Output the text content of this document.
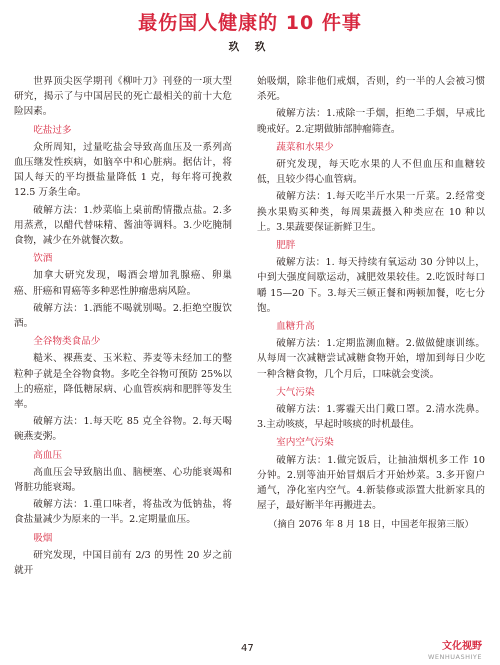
最伤国人健康的 10 件事
玖 玖

世界顶尖医学期刊《柳叶刀》刊登的一项大型研究，揭示了与中国居民的死亡最相关的前十大危险因素。

吃盐过多

众所周知，过量吃盐会导致高血压及一系列高血压继发性疾病，如脑卒中和心脏病。据估计，将国人每天的平均摄盐量降低 1 克，每年将可挽救 12.5 万条生命。

破解方法：1.炒菜临上桌前酌情撒点盐。2.多用蒸煮，以醋代替味精、酱油等调料。3.少吃腌制食物，减少在外就餐次数。

饮酒

加拿大研究发现，喝酒会增加乳腺癌、卵巢癌、肝癌和胃癌等多种恶性肿瘤患病风险。

破解方法：1.酒能不喝就别喝。2.拒绝空腹饮酒。

全谷物类食品少

糙米、裸燕麦、玉米粒、荞麦等未经加工的整粒种子就是全谷物食物。多吃全谷物可预防 25%以上的癌症，降低糖尿病、心血管疾病和肥胖等发生率。

破解方法：1.每天吃 85 克全谷物。2.每天喝碗燕麦粥。

高血压

高血压会导致脑出血、脑梗塞、心功能衰竭和肾脏功能衰竭。

破解方法：1.重口味者，将盐改为低钠盐，将食盐量减少为原来的一半。2.定期量血压。

吸烟

研究发现，中国目前有 2/3 的男性 20 岁之前就开

始吸烟，除非他们戒烟，否则，约一半的人会被习惯杀死。

破解方法：1.戒除一手烟，拒绝二手烟，早戒比晚戒好。2.定期做肺部肿瘤筛查。

蔬菜和水果少

研究发现，每天吃水果的人不但血压和血糖较低，且较少得心血管病。

破解方法：1.每天吃半斤水果一斤菜。2.经常变换水果购买种类，每周果蔬摄入种类应在 10 种以上。3.果蔬要保证新鲜卫生。

肥胖

破解方法：1. 每天持续有氧运动 30 分钟以上，中到大强度间歇运动，减肥效果较佳。2.吃饭时每口嚼 15—20 下。3.每天三顿正餐和两顿加餐，吃七分饱。

血糖升高

破解方法：1.定期监测血糖。2.做做健康训练。从每周一次减糖尝试减糖食物开始，增加到每日少吃一种含糖食物，几个月后，口味就会变淡。

大气污染

破解方法：1.雾霾天出门戴口罩。2.清水洗鼻。3.主动咳痰，早起时咳痰的时机最佳。

室内空气污染

破解方法：1.做完饭后，让抽油烟机多工作 10 分钟。2.别等油开始冒烟后才开始炒菜。3.多开窗户通气，净化室内空气。4.新装修或添置大批新家具的屋子，最好断半年再搬进去。

（摘自 2076 年 8 月 18 日，中国老年报第三版）

47	文化视野
WENHUASHIYE
